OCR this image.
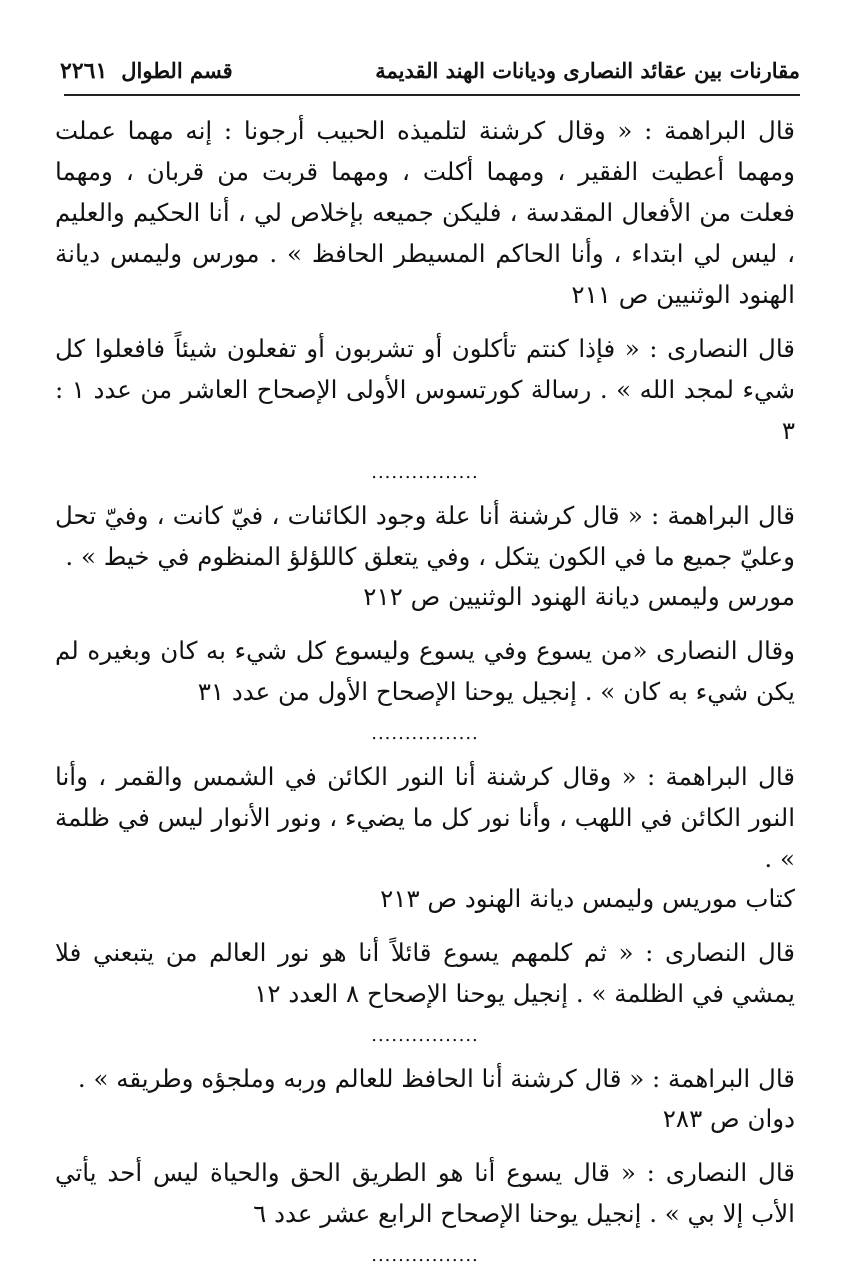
مقارنات بين عقائد النصارى وديانات الهند القديمة
قسم الطوال٢٢٦١

قال البراهمة : « وقال كرشنة لتلميذه الحبيب أرجونا : إنه مهما عملت ومهما أعطيت الفقير ، ومهما أكلت ، ومهما قربت من قربان ، ومهما فعلت من الأفعال المقدسة ، فليكن جميعه بإخلاص لي ، أنا الحكيم والعليم ، ليس لي ابتداء ، وأنا الحاكم المسيطر الحافظ » . مورس وليمس ديانة الهنود الوثنيين ص ٢١١

قال النصارى : « فإذا كنتم تأكلون أو تشربون أو تفعلون شيئاً فافعلوا كل شيء لمجد الله » . رسالة كورتسوس الأولى الإصحاح العاشر من عدد ١ : ٣

................

قال البراهمة : « قال كرشنة أنا علة وجود الكائنات ، فيّ كانت ، وفيّ تحل وعليّ جميع ما في الكون يتكل ، وفي يتعلق كاللؤلؤ المنظوم في خيط » .

مورس وليمس ديانة الهنود الوثنيين ص ٢١٢

وقال النصارى «من يسوع وفي يسوع وليسوع كل شيء به كان وبغيره لم يكن شيء به كان » . إنجيل يوحنا الإصحاح الأول من عدد ٣١

................

قال البراهمة : « وقال كرشنة أنا النور الكائن في الشمس والقمر ، وأنا النور الكائن في اللهب ، وأنا نور كل ما يضيء ، ونور الأنوار ليس في ظلمة » .

كتاب موريس وليمس ديانة الهنود ص ٢١٣

قال النصارى : « ثم كلمهم يسوع قائلاً أنا هو نور العالم من يتبعني فلا يمشي في الظلمة » . إنجيل يوحنا الإصحاح ٨ العدد ١٢

................

قال البراهمة : « قال كرشنة أنا الحافظ للعالم وربه وملجؤه وطريقه » .

دوان ص ٢٨٣

قال النصارى : « قال يسوع أنا هو الطريق الحق والحياة ليس أحد يأتي الأب إلا بي » . إنجيل يوحنا الإصحاح الرابع عشر عدد ٦

................
